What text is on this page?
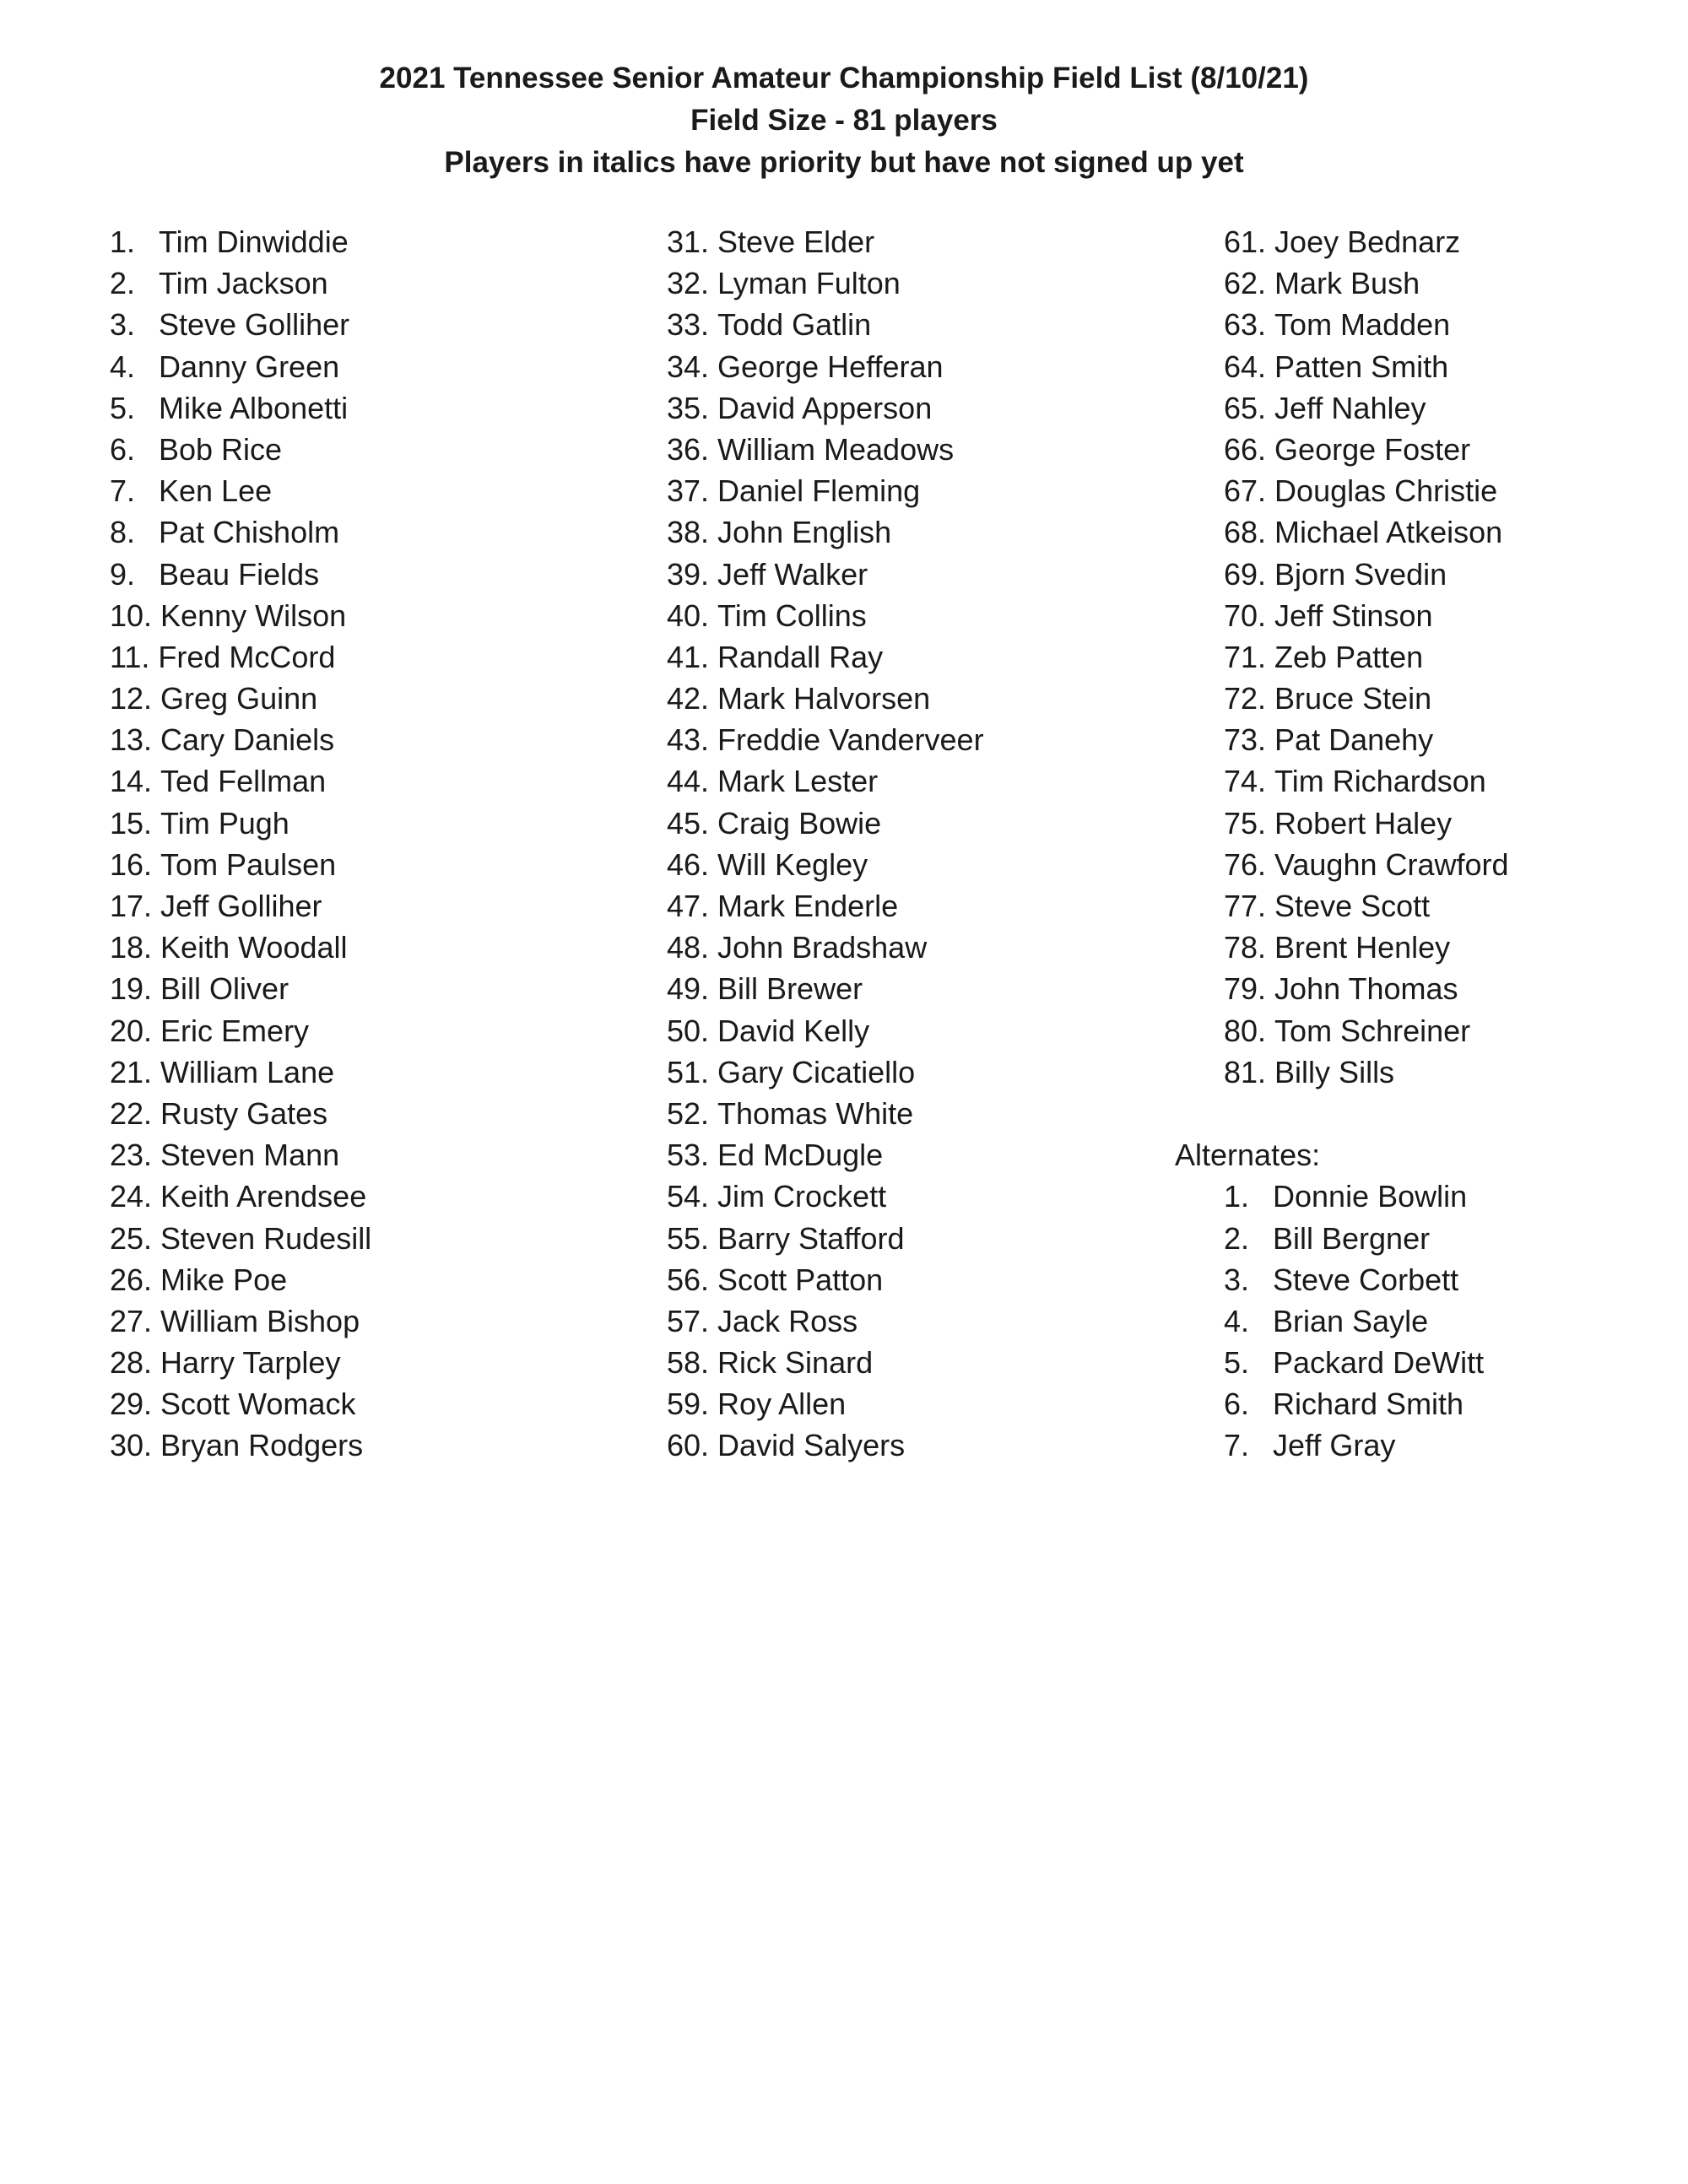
2021 Tennessee Senior Amateur Championship Field List (8/10/21)
Field Size - 81 players
Players in italics have priority but have not signed up yet
1. Tim Dinwiddie
2. Tim Jackson
3. Steve Golliher
4. Danny Green
5. Mike Albonetti
6. Bob Rice
7. Ken Lee
8. Pat Chisholm
9. Beau Fields
10. Kenny Wilson
11. Fred McCord
12. Greg Guinn
13. Cary Daniels
14. Ted Fellman
15. Tim Pugh
16. Tom Paulsen
17. Jeff Golliher
18. Keith Woodall
19. Bill Oliver
20. Eric Emery
21. William Lane
22. Rusty Gates
23. Steven Mann
24. Keith Arendsee
25. Steven Rudesill
26. Mike Poe
27. William Bishop
28. Harry Tarpley
29. Scott Womack
30. Bryan Rodgers
31. Steve Elder
32. Lyman Fulton
33. Todd Gatlin
34. George Hefferan
35. David Apperson
36. William Meadows
37. Daniel Fleming
38. John English
39. Jeff Walker
40. Tim Collins
41. Randall Ray
42. Mark Halvorsen
43. Freddie Vanderveer
44. Mark Lester
45. Craig Bowie
46. Will Kegley
47. Mark Enderle
48. John Bradshaw
49. Bill Brewer
50. David Kelly
51. Gary Cicatiello
52. Thomas White
53. Ed McDugle
54. Jim Crockett
55. Barry Stafford
56. Scott Patton
57. Jack Ross
58. Rick Sinard
59. Roy Allen
60. David Salyers
61. Joey Bednarz
62. Mark Bush
63. Tom Madden
64. Patten Smith
65. Jeff Nahley
66. George Foster
67. Douglas Christie
68. Michael Atkeison
69. Bjorn Svedin
70. Jeff Stinson
71. Zeb Patten
72. Bruce Stein
73. Pat Danehy
74. Tim Richardson
75. Robert Haley
76. Vaughn Crawford
77. Steve Scott
78. Brent Henley
79. John Thomas
80. Tom Schreiner
81. Billy Sills
Alternates:
1. Donnie Bowlin
2. Bill Bergner
3. Steve Corbett
4. Brian Sayle
5. Packard DeWitt
6. Richard Smith
7. Jeff Gray
